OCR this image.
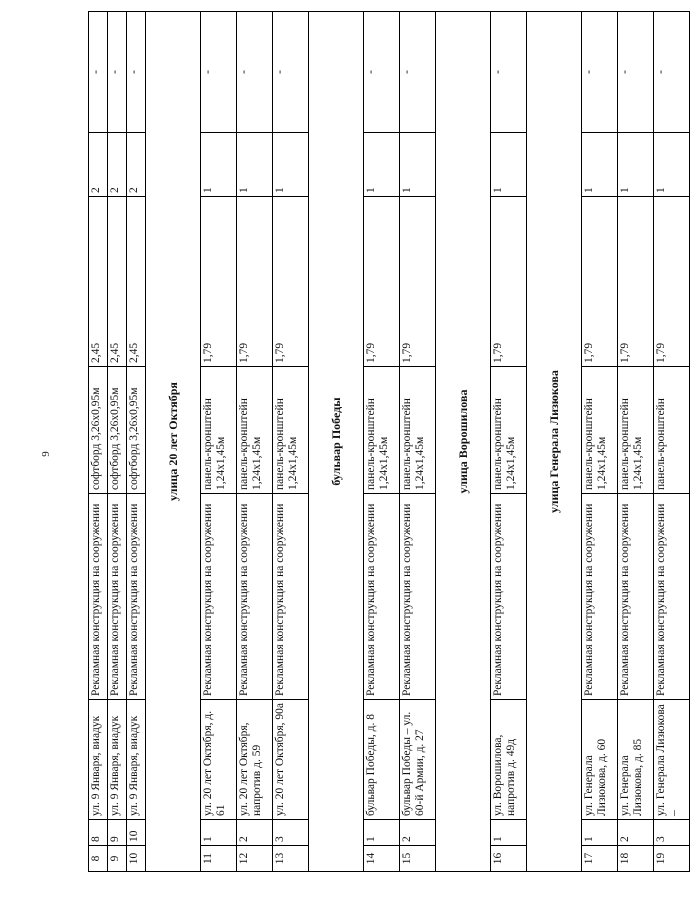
9
8	8	ул. 9 Января, виадук	Рекламная конструкция на сооружении	софтборд 3,26х0,95м	2,45	2	-
9	9	ул. 9 Января, виадук	Рекламная конструкция на сооружении	софтборд 3,26х0,95м	2,45	2	-
10	10	ул. 9 Января, виадук	Рекламная конструкция на сооружении	софтборд 3,26х0,95м	2,45	2	-
улица 20 лет Октября							
11	1	ул. 20 лет Октября, д. 61	Рекламная конструкция на сооружении	панель-кронштейн 1,24х1,45м	1,79	1	-
12	2	ул. 20 лет Октября, напротив д. 59	Рекламная конструкция на сооружении	панель-кронштейн 1,24х1,45м	1,79	1	-
13	3	ул. 20 лет Октября, 90а	Рекламная конструкция на сооружении	панель-кронштейн 1,24х1,45м	1,79	1	-
бульвар Победы							
14	1	бульвар Победы, д. 8	Рекламная конструкция на сооружении	панель-кронштейн 1,24х1,45м	1,79	1	-
15	2	бульвар Победы – ул. 60-й Армии, д. 27	Рекламная конструкция на сооружении	панель-кронштейн 1,24х1,45м	1,79	1	-
улица Ворошилова							
16	1	ул. Ворошилова, напротив д. 49д	Рекламная конструкция на сооружении	панель-кронштейн 1,24х1,45м	1,79	1	-
улица Генерала Лизюкова							
17	1	ул. Генерала Лизюкова, д. 60	Рекламная конструкция на сооружении	панель-кронштейн 1,24х1,45м	1,79	1	-
18	2	ул. Генерала Лизюкова, д. 85	Рекламная конструкция на сооружении	панель-кронштейн 1,24х1,45м	1,79	1	-
19	3	ул. Генерала Лизюкова –	Рекламная конструкция на сооружении	панель-кронштейн	1,79	1	-
